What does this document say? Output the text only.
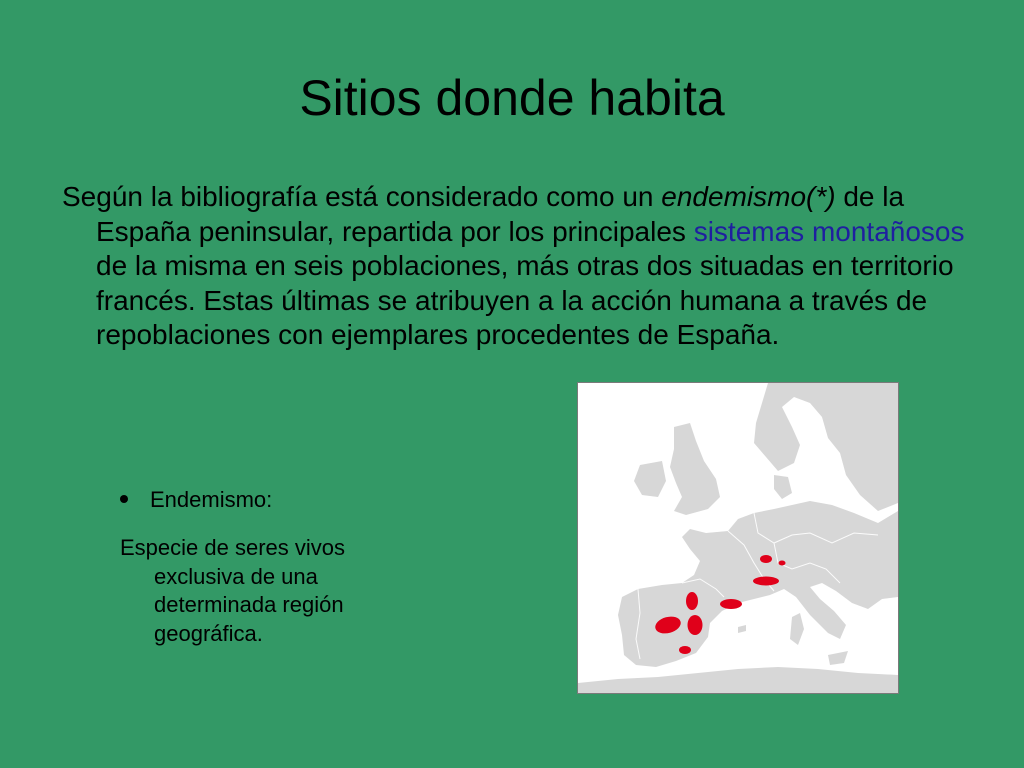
Sitios donde habita

Según la bibliografía está considerado como un endemismo(*) de la España peninsular, repartida por los principales sistemas montañosos de la misma en seis poblaciones, más otras dos situadas en territorio francés. Estas últimas se atribuyen a la acción humana a través de repoblaciones con ejemplares procedentes de España.

Endemismo:

Especie de seres vivos exclusiva de una determinada región geográfica.
